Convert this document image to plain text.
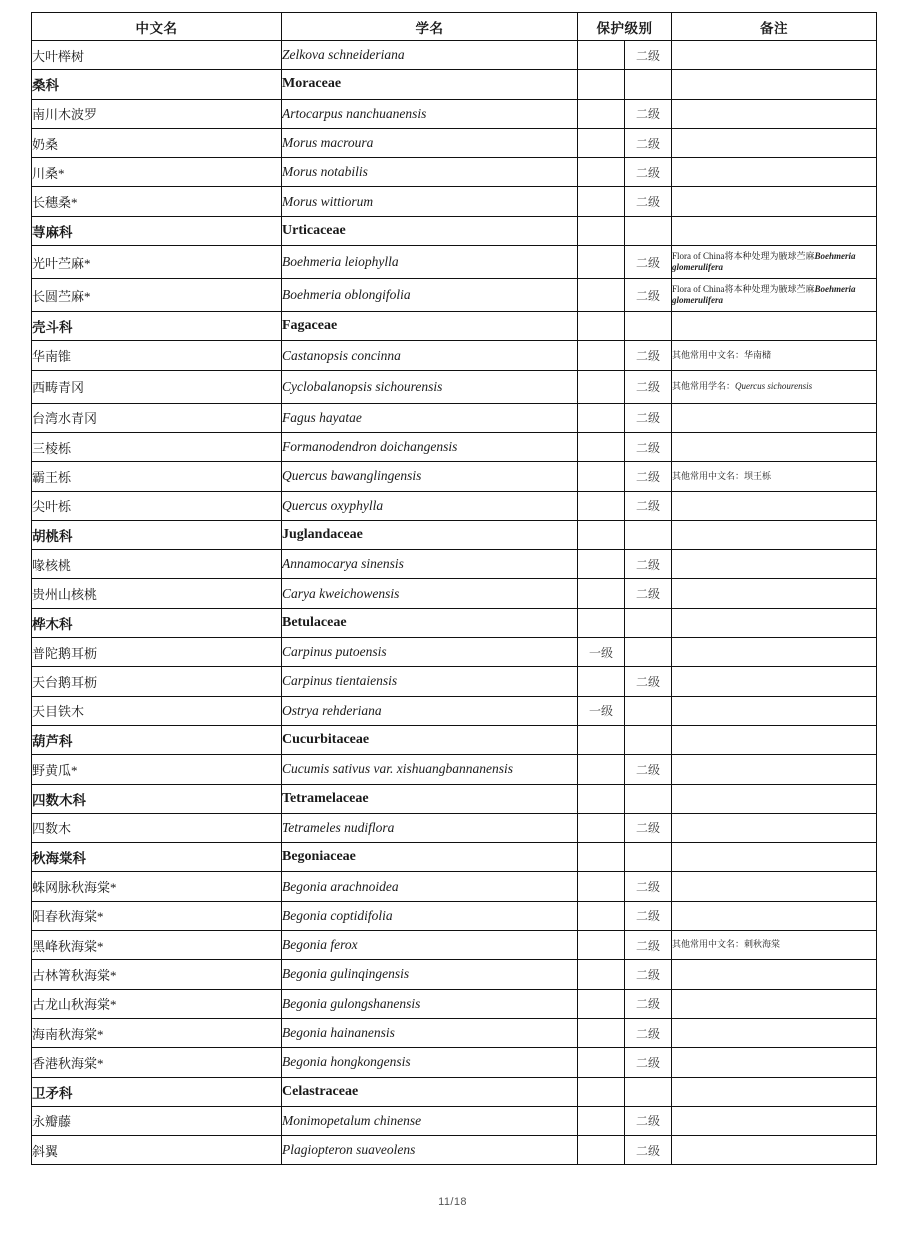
中文名	学名	保护级别		备注
大叶榉树	Zelkova schneideriana		二级	
桑科	Moraceae			
南川木波罗	Artocarpus nanchuanensis		二级	
奶桑	Morus macroura		二级	
川桑*	Morus notabilis		二级	
长穗桑*	Morus wittiorum		二级	
荨麻科	Urticaceae			
光叶苎麻*	Boehmeria leiophylla		二级	Flora of China将本种处理为腋球苎麻Boehmeria glomerulifera
长圆苎麻*	Boehmeria oblongifolia		二级	Flora of China将本种处理为腋球苎麻Boehmeria glomerulifera
壳斗科	Fagaceae			
华南锥	Castanopsis concinna		二级	其他常用中文名：华南槠
西畴青冈	Cyclobalanopsis sichourensis		二级	其他常用学名：Quercus sichourensis
台湾水青冈	Fagus hayatae		二级	
三棱栎	Formanodendron doichangensis		二级	
霸王栎	Quercus bawanglingensis		二级	其他常用中文名：坝王栎
尖叶栎	Quercus oxyphylla		二级	
胡桃科	Juglandaceae			
喙核桃	Annamocarya sinensis		二级	
贵州山核桃	Carya kweichowensis		二级	
桦木科	Betulaceae			
普陀鹅耳枥	Carpinus putoensis	一级		
天台鹅耳枥	Carpinus tientaiensis		二级	
天目铁木	Ostrya rehderiana	一级		
葫芦科	Cucurbitaceae			
野黄瓜*	Cucumis sativus var. xishuangbannanensis		二级	
四数木科	Tetramelaceae			
四数木	Tetrameles nudiflora		二级	
秋海棠科	Begoniaceae			
蛛网脉秋海棠*	Begonia arachnoidea		二级	
阳春秋海棠*	Begonia coptidifolia		二级	
黑峰秋海棠*	Begonia ferox		二级	其他常用中文名：刺秋海棠
古林箐秋海棠*	Begonia gulinqingensis		二级	
古龙山秋海棠*	Begonia gulongshanensis		二级	
海南秋海棠*	Begonia hainanensis		二级	
香港秋海棠*	Begonia hongkongensis		二级	
卫矛科	Celastraceae			
永瓣藤	Monimopetalum chinense		二级	
斜翼	Plagiopteron suaveolens		二级	
11/18
